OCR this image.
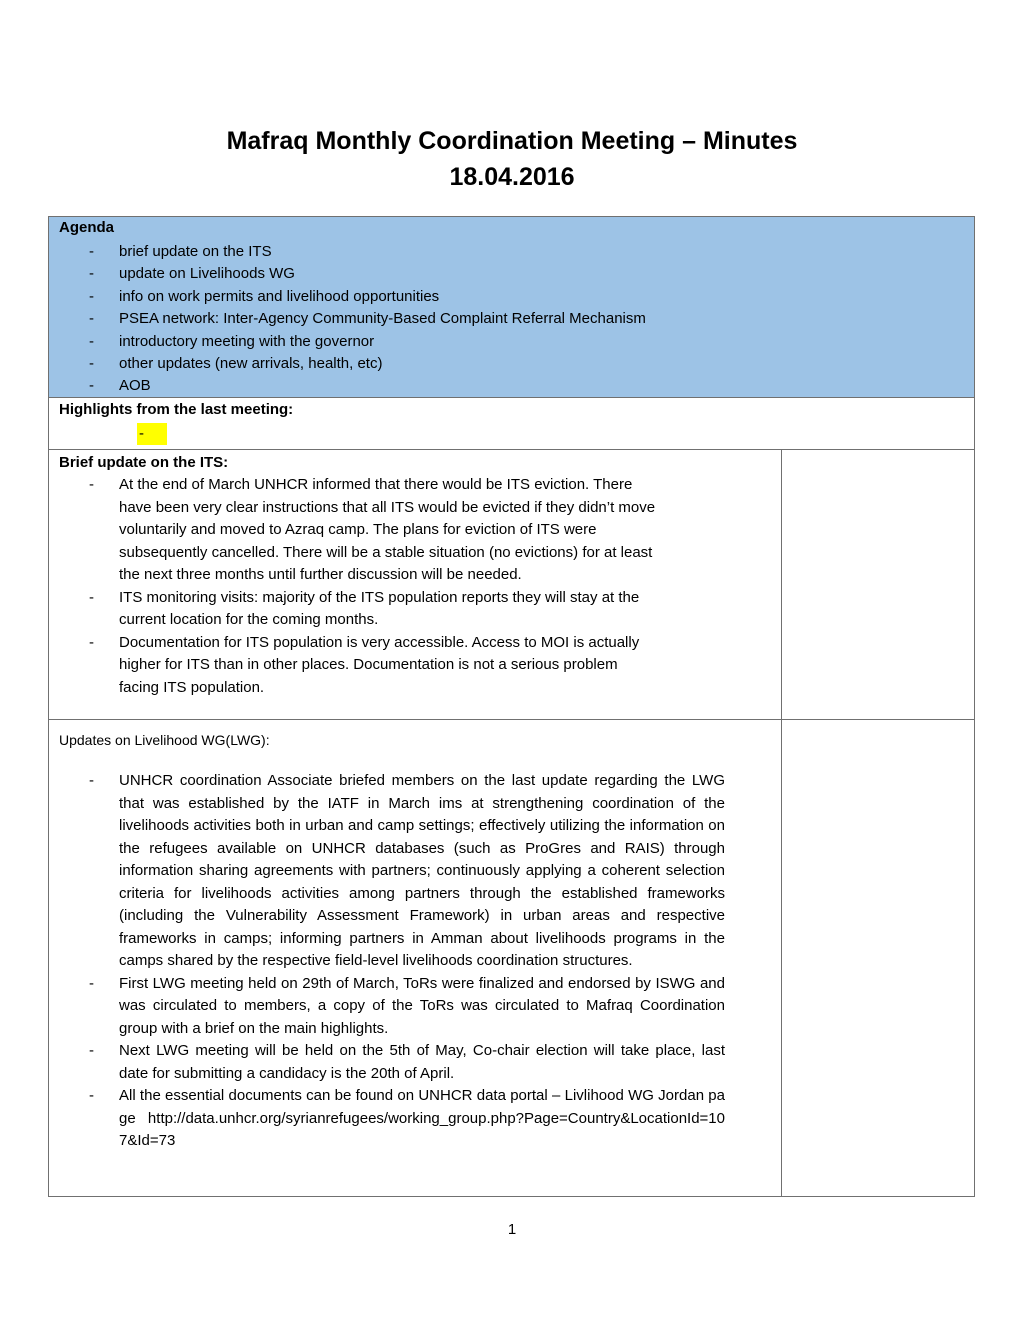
Mafraq Monthly Coordination Meeting – Minutes
18.04.2016
Agenda
- brief update on the ITS
- update on Livelihoods WG
- info on work permits and livelihood opportunities
- PSEA network: Inter-Agency Community-Based Complaint Referral Mechanism
- introductory meeting with the governor
- other updates (new arrivals, health, etc)
- AOB
Highlights from the last meeting:
-
Brief update on the ITS:
- At the end of March UNHCR informed that there would be ITS eviction. There have been very clear instructions that all ITS would be evicted if they didn’t move voluntarily and moved to Azraq camp. The plans for eviction of ITS were subsequently cancelled. There will be a stable situation (no evictions) for at least the next three months until further discussion will be needed.
- ITS monitoring visits: majority of the ITS population reports they will stay at the current location for the coming months.
- Documentation for ITS population is very accessible. Access to MOI is actually higher for ITS than in other places. Documentation is not a serious problem facing ITS population.
Updates on Livelihood WG(LWG):
- UNHCR coordination Associate briefed members on the last update regarding the LWG that was established by the IATF in March ims at strengthening coordination of the livelihoods activities both in urban and camp settings; effectively utilizing the information on the refugees available on UNHCR databases (such as ProGres and RAIS) through information sharing agreements with partners; continuously applying a coherent selection criteria for livelihoods activities among partners through the established frameworks (including the Vulnerability Assessment Framework) in urban areas and respective frameworks in camps; informing partners in Amman about livelihoods programs in the camps shared by the respective field-level livelihoods coordination structures.
- First LWG meeting held on 29th of March, ToRs were finalized and endorsed by ISWG and was circulated to members, a copy of the ToRs was circulated to Mafraq Coordination group with a brief on the main highlights.
- Next LWG meeting will be held on the 5th of May, Co-chair election will take place, last date for submitting a candidacy is the 20th of April.
- All the essential documents can be found on UNHCR data portal – Livlihood WG Jordan page http://data.unhcr.org/syrianrefugees/working_group.php?Page=Country&LocationId=107&Id=73
1
